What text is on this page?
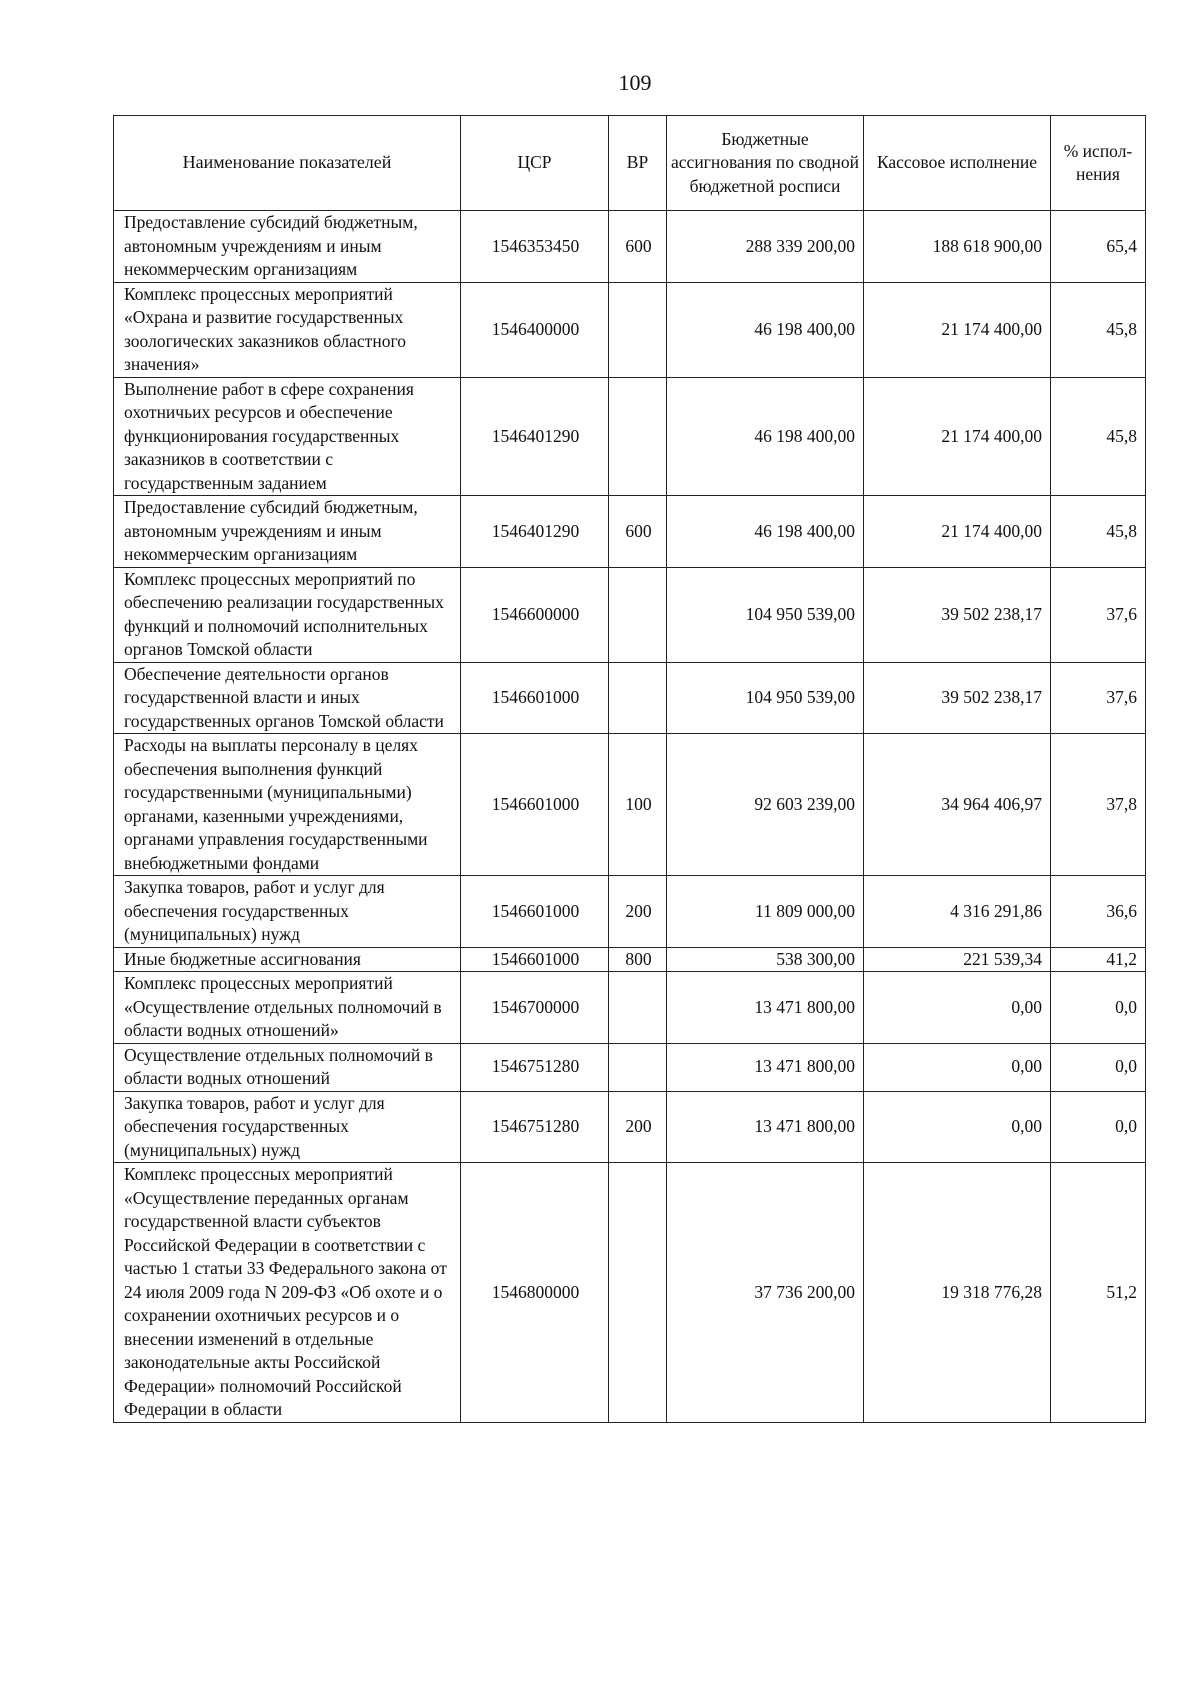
109
Наименование показателей	ЦСР	ВР	Бюджетные ассигнования по сводной бюджетной росписи	Кассовое исполнение	% испол-нения
Предоставление субсидий бюджетным, автономным учреждениям и иным некоммерческим организациям	1546353450	600	288 339 200,00	188 618 900,00	65,4
Комплекс процессных мероприятий «Охрана и развитие государственных зоологических заказников областного значения»	1546400000		46 198 400,00	21 174 400,00	45,8
Выполнение работ в сфере сохранения охотничьих ресурсов и обеспечение функционирования государственных заказников в соответствии с государственным заданием	1546401290		46 198 400,00	21 174 400,00	45,8
Предоставление субсидий бюджетным, автономным учреждениям и иным некоммерческим организациям	1546401290	600	46 198 400,00	21 174 400,00	45,8
Комплекс процессных мероприятий по обеспечению реализации государственных функций и полномочий исполнительных органов Томской области	1546600000		104 950 539,00	39 502 238,17	37,6
Обеспечение деятельности органов государственной власти и иных государственных органов Томской области	1546601000		104 950 539,00	39 502 238,17	37,6
Расходы на выплаты персоналу в целях обеспечения выполнения функций государственными (муниципальными) органами, казенными учреждениями, органами управления государственными внебюджетными фондами	1546601000	100	92 603 239,00	34 964 406,97	37,8
Закупка товаров, работ и услуг для обеспечения государственных (муниципальных) нужд	1546601000	200	11 809 000,00	4 316 291,86	36,6
Иные бюджетные ассигнования	1546601000	800	538 300,00	221 539,34	41,2
Комплекс процессных мероприятий «Осуществление отдельных полномочий в области водных отношений»	1546700000		13 471 800,00	0,00	0,0
Осуществление отдельных полномочий в области водных отношений	1546751280		13 471 800,00	0,00	0,0
Закупка товаров, работ и услуг для обеспечения государственных (муниципальных) нужд	1546751280	200	13 471 800,00	0,00	0,0
Комплекс процессных мероприятий «Осуществление переданных органам государственной власти субъектов Российской Федерации в соответствии с частью 1 статьи 33 Федерального закона от 24 июля 2009 года N 209-ФЗ «Об охоте и о сохранении охотничьих ресурсов и о внесении изменений в отдельные законодательные акты Российской Федерации» полномочий Российской Федерации в области	1546800000		37 736 200,00	19 318 776,28	51,2
